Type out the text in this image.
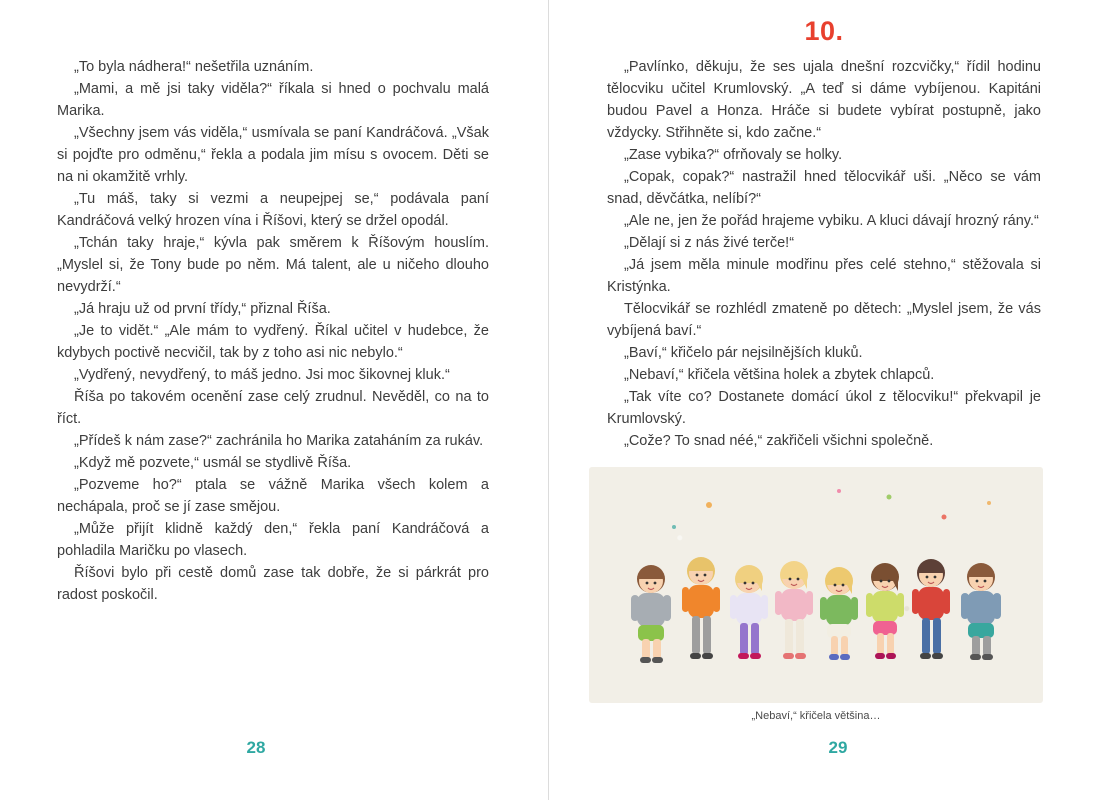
„To byla nádhera!“ nešetřila uznáním.

„Mami, a mě jsi taky viděla?“ říkala si hned o pochvalu malá Marika.

„Všechny jsem vás viděla,“ usmívala se paní Kandráčová. „Však si pojďte pro odměnu,“ řekla a podala jim mísu s ovocem. Děti se na ni okamžitě vrhly.

„Tu máš, taky si vezmi a neupejpej se,“ podávala paní Kandráčová velký hrozen vína i Říšovi, který se držel opodál.

„Tchán taky hraje,“ kývla pak směrem k Říšovým houslím. „Myslel si, že Tony bude po něm. Má talent, ale u ničeho dlouho nevydrží.“

„Já hraju už od první třídy,“ přiznal Říša.

„Je to vidět.“ „Ale mám to vydřený. Říkal učitel v hudebce, že kdybych poctivě necvičil, tak by z toho asi nic nebylo.“

„Vydřený, nevydřený, to máš jedno. Jsi moc šikovnej kluk.“

Říša po takovém ocenění zase celý zrudnul. Nevěděl, co na to říct.

„Přídeš k nám zase?“ zachránila ho Marika zataháním za rukáv.

„Když mě pozvete,“ usmál se stydlivě Říša.

„Pozveme ho?“ ptala se vážně Marika všech kolem a nechápala, proč se jí zase smějou.

„Může přijít klidně každý den,“ řekla paní Kandráčová a pohladila Maričku po vlasech.

Říšovi bylo při cestě domů zase tak dobře, že si párkrát pro radost poskočil.

28
10.

„Pavlínko, děkuju, že ses ujala dnešní rozcvičky,“ řídil hodinu tělocviku učitel Krumlovský. „A teď si dáme vybíjenou. Kapitáni budou Pavel a Honza. Hráče si budete vybírat postupně, jako vždycky. Střihněte si, kdo začne.“

„Zase vybika?“ ofrňovaly se holky.

„Copak, copak?“ nastražil hned tělocvikář uši. „Něco se vám snad, děvčátka, nelíbí?“

„Ale ne, jen že pořád hrajeme vybiku. A kluci dávají hrozný rány.“

„Dělají si z nás živé terče!“

„Já jsem měla minule modřinu přes celé stehno,“ stěžovala si Kristýnka.

Tělocvikář se rozhlédl zmateně po dětech: „Myslel jsem, že vás vybíjená baví.“

„Baví,“ křičelo pár nejsilnějších kluků.

„Nebaví,“ křičela většina holek a zbytek chlapců.

„Tak víte co? Dostanete domácí úkol z tělocviku!“ překvapil je Krumlovský.

„Cože? To snad néé,“ zakřičeli všichni společně.

„Nebaví,“ křičela většina…
29
